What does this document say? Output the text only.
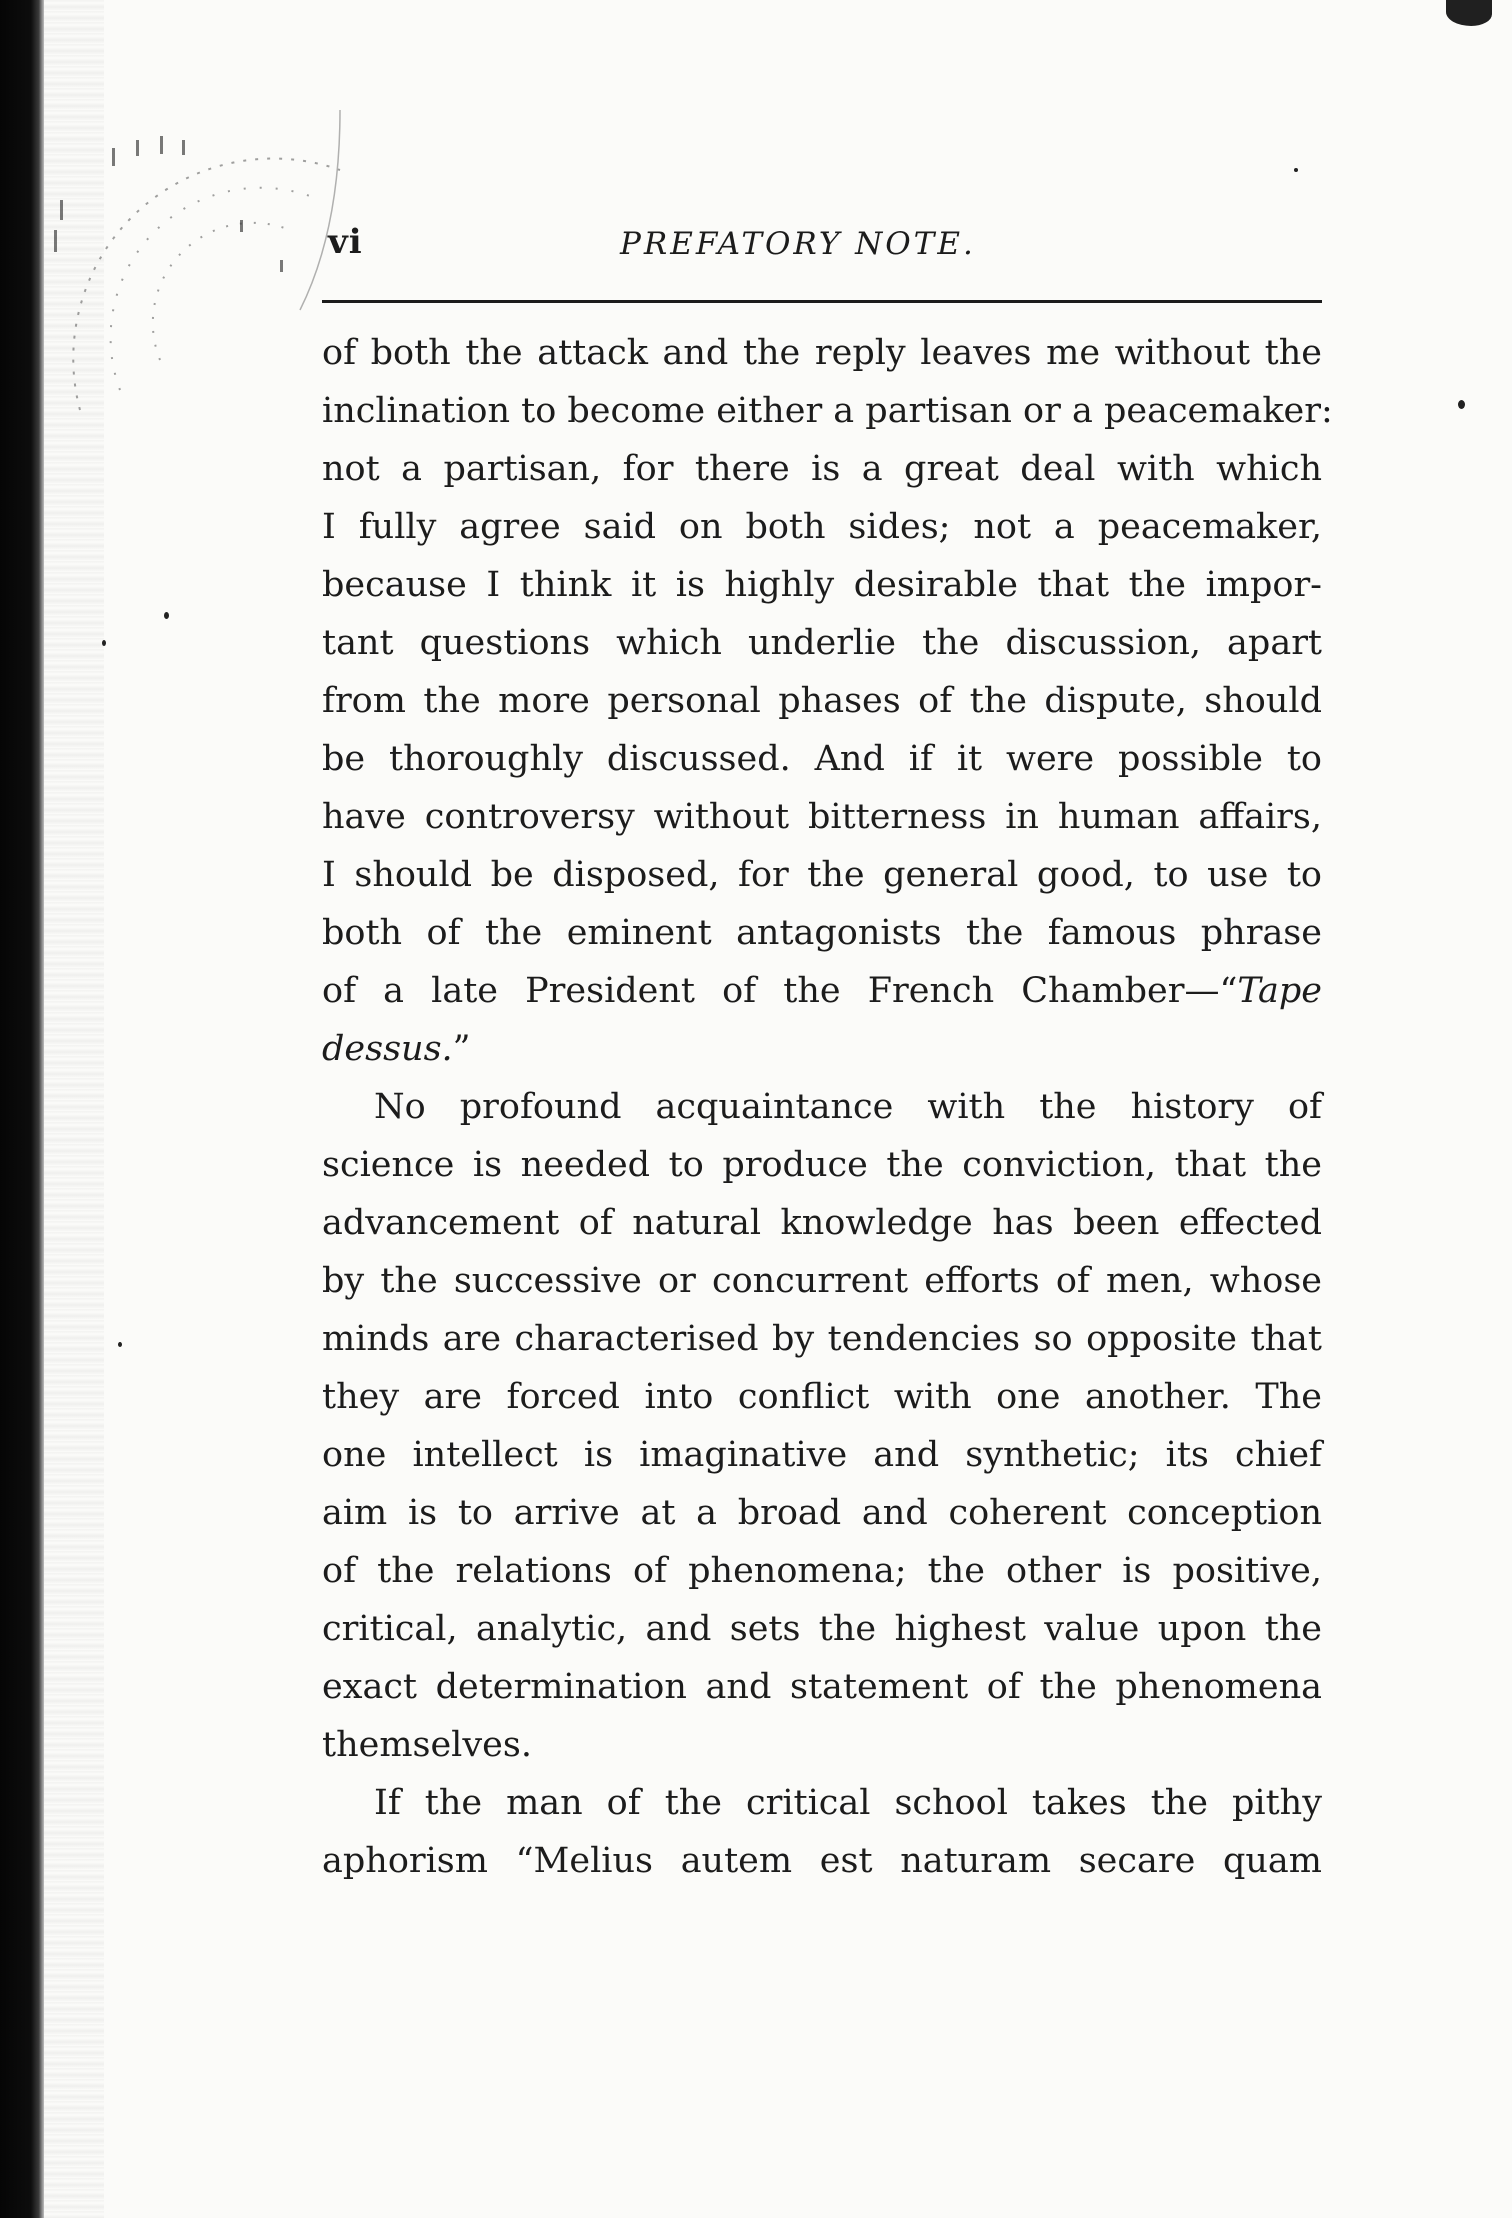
vi	PREFATORY NOTE.
of both the attack and the reply leaves me without the
inclination to become either a partisan or a peacemaker:
not a partisan, for there is a great deal with which
I fully agree said on both sides; not a peacemaker,
because I think it is highly desirable that the impor-
tant questions which underlie the discussion, apart
from the more personal phases of the dispute, should
be thoroughly discussed. And if it were possible to
have controversy without bitterness in human affairs,
I should be disposed, for the general good, to use to
both of the eminent antagonists the famous phrase
of a late President of the French Chamber—“Tape
dessus.”
No profound acquaintance with the history of
science is needed to produce the conviction, that the
advancement of natural knowledge has been effected
by the successive or concurrent efforts of men, whose
minds are characterised by tendencies so opposite that
they are forced into conflict with one another. The
one intellect is imaginative and synthetic; its chief
aim is to arrive at a broad and coherent conception
of the relations of phenomena; the other is positive,
critical, analytic, and sets the highest value upon the
exact determination and statement of the phenomena
themselves.
If the man of the critical school takes the pithy
aphorism “Melius autem est naturam secare quam
